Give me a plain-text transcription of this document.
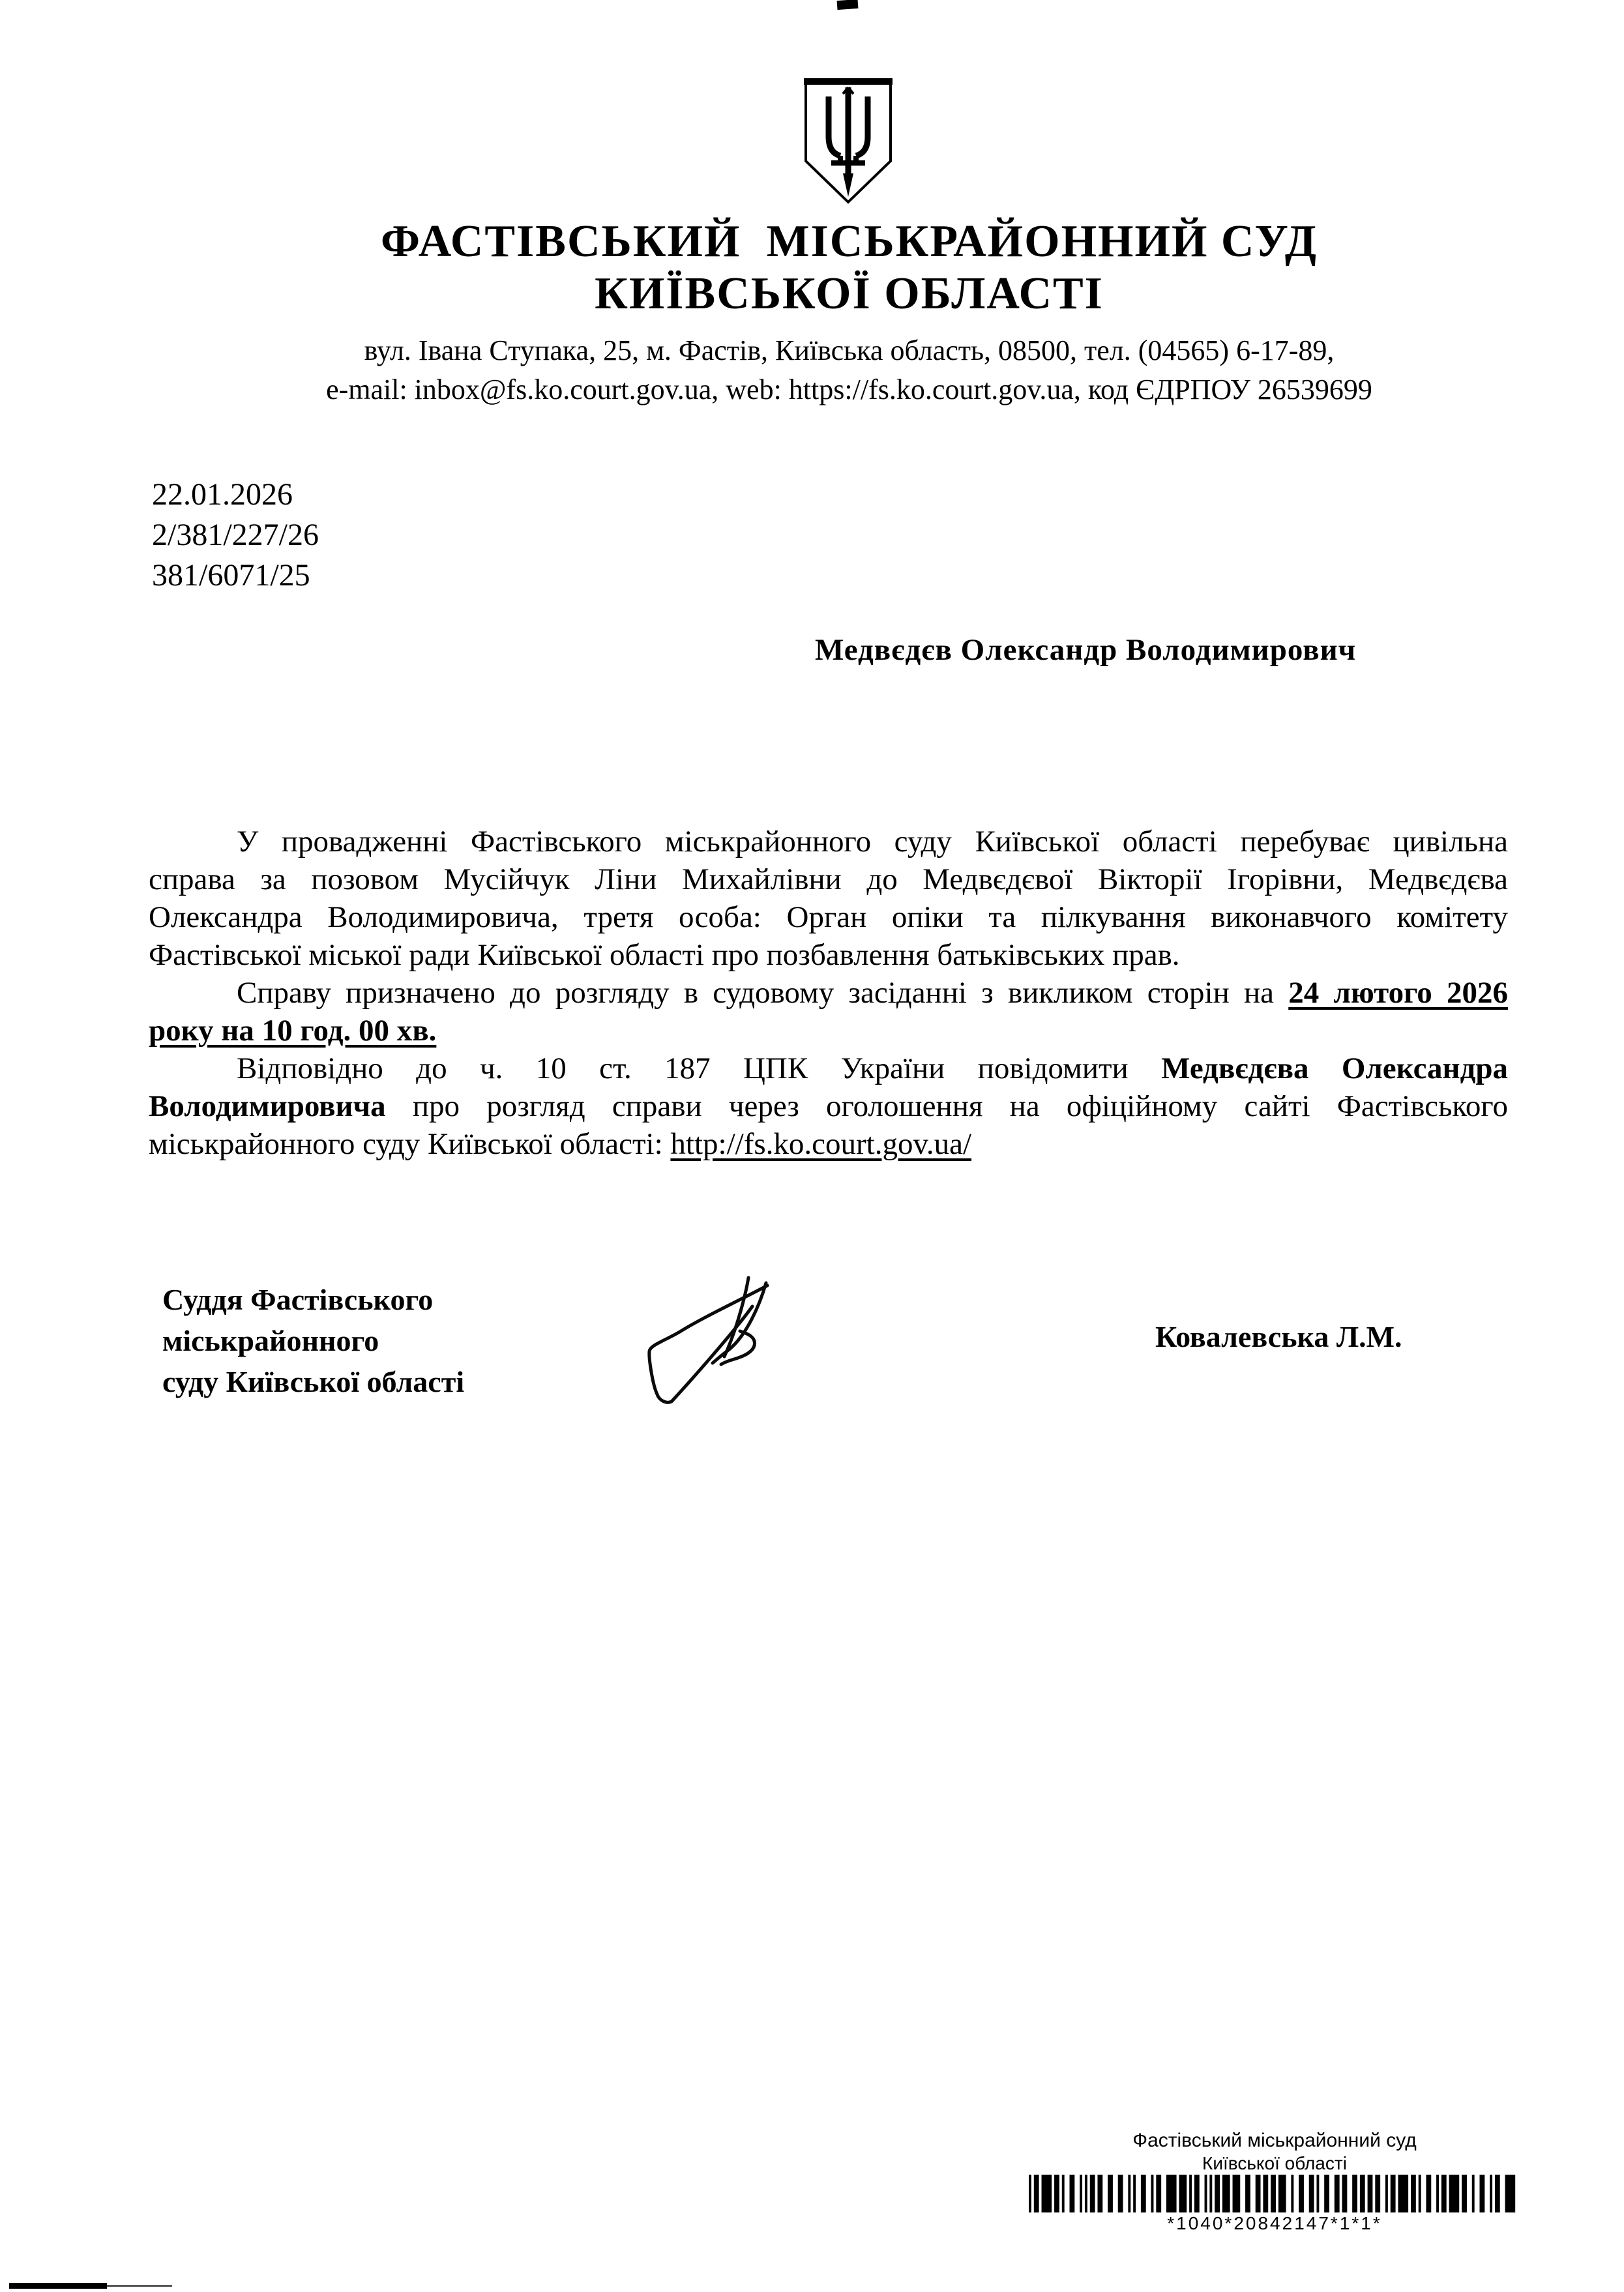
ФАСТІВСЬКИЙ  МІСЬКРАЙОННИЙ СУД
КИЇВСЬКОЇ ОБЛАСТІ
вул. Івана Ступака, 25, м. Фастів, Київська область, 08500, тел. (04565) 6-17-89,
e-mail: inbox@fs.ko.court.gov.ua, web: https://fs.ko.court.gov.ua, код ЄДРПОУ 26539699
22.01.2026
2/381/227/26
381/6071/25
Медвєдєв Олександр Володимирович
У провадженні Фастівського міськрайонного суду Київської області перебуває цивільна
справа за позовом Мусійчук Ліни Михайлівни до Медвєдєвої Вікторії Ігорівни, Медвєдєва
Олександра Володимировича, третя особа: Орган опіки та пілкування виконавчого комітету
Фастівської міської ради Київської області про позбавлення батьківських прав.
Справу призначено до розгляду в судовому засіданні з викликом сторін на 24 лютого 2026
року на 10 год. 00 хв.
Відповідно до ч. 10 ст. 187 ЦПК України повідомити Медвєдєва Олександра
Володимировича про розгляд справи через оголошення на офіційному сайті Фастівського
міськрайонного суду Київської області: http://fs.ko.court.gov.ua/
Суддя Фастівського
міськрайонного
суду Київської області
Ковалевська Л.М.
Фастівський міськрайонний суд
Київської області
*1040*20842147*1*1*
